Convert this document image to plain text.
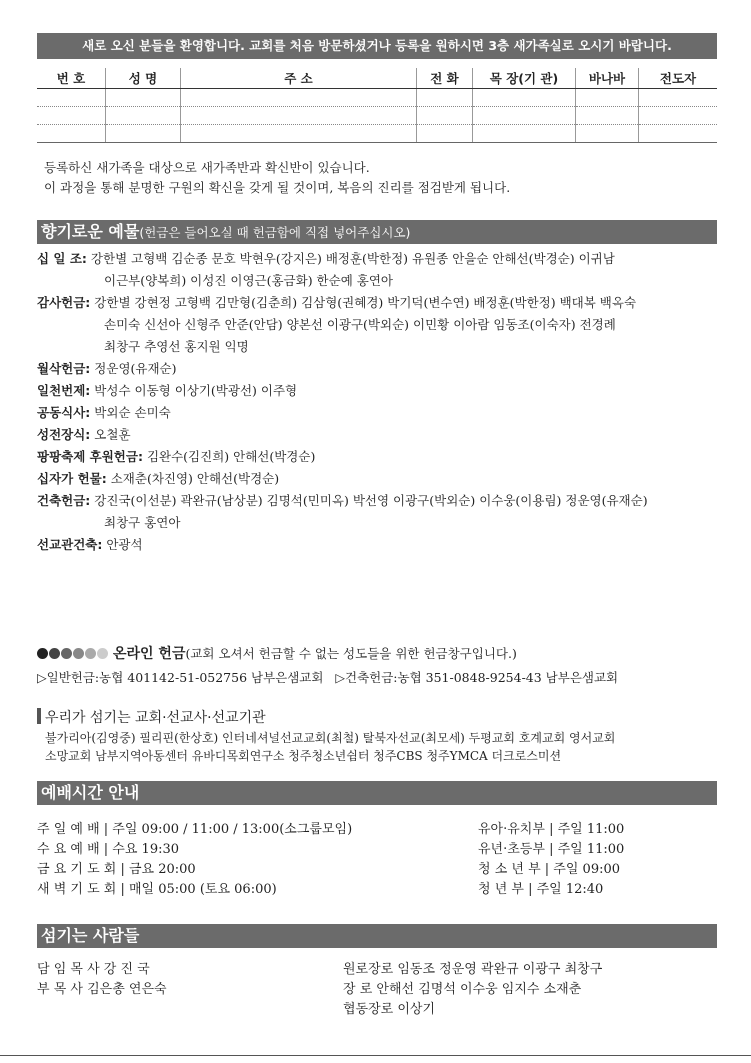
새로 오신 분들을 환영합니다. 교회를 처음 방문하셨거나 등록을 원하시면 3층 새가족실로 오시기 바랍니다.
번 호	성 명	주 소	전 화	목 장(기 관)	바나바	전도자

등록하신 새가족을 대상으로 새가족반과 확신반이 있습니다.
이 과정을 통해 분명한 구원의 확신을 갖게 될 것이며, 복음의 진리를 점검받게 됩니다.
향기로운 예물(헌금은 들어오실 때 헌금함에 직접 넣어주십시오)
십 일 조: 강한별 고형백 김순종 문호 박현우(강지은) 배정훈(박한정) 유원종 안을순 안해선(박경순) 이귀남
이근부(양복희) 이성진 이영근(홍금화) 한순예 홍연아
감사헌금: 강한별 강현정 고형백 김만형(김춘희) 김삼형(권혜경) 박기덕(변수연) 배정훈(박한정) 백대복 백옥숙
손미숙 신선아 신형주 안준(안담) 양본선 이광구(박외순) 이민황 이아람 임동조(이숙자) 전경례
최창구 추영선 홍지원 익명
월삭헌금: 정운영(유재순)
일천번제: 박성수 이동형 이상기(박광선) 이주형
공동식사: 박외순 손미숙
성전장식: 오철훈
팡팡축제 후원헌금: 김완수(김진희) 안해선(박경순)
십자가 헌물: 소재춘(차진영) 안해선(박경순)
건축헌금: 강진국(이선분) 곽완규(남상분) 김명석(민미옥) 박선영 이광구(박외순) 이수웅(이용림) 정운영(유재순)
최창구 홍연아
선교관건축: 안광석
온라인 헌금(교회 오셔서 헌금할 수 없는 성도들을 위한 헌금창구입니다.)
▷일반헌금:농협 401142-51-052756 남부은샘교회 ▷건축헌금:농협 351-0848-9254-43 남부은샘교회
우리가 섬기는 교회·선교사·선교기관
불가리아(김영중) 필리핀(한상호) 인터네셔널선교교회(최철) 탈북자선교(최모세) 두평교회 호계교회 영서교회
소망교회 남부지역아동센터 유바디목회연구소 청주청소년쉼터 청주CBS 청주YMCA 더크로스미션
예배시간 안내
주 일 예 배 | 주일 09:00 / 11:00 / 13:00(소그룹모임)
수 요 예 배 | 수요 19:30
금 요 기 도 회 | 금요 20:00
새 벽 기 도 회 | 매일 05:00 (토요 06:00)
유아·유치부 | 주일 11:00
유년·초등부 | 주일 11:00
청 소 년 부 | 주일 09:00
청 년 부 | 주일 12:40
섬기는 사람들
담 임 목 사 강 진 국
부 목 사 김은총 연은숙
원로장로 임동조 정운영 곽완규 이광구 최창구
장 로 안해선 김명석 이수웅 임지수 소재춘
협동장로 이상기
